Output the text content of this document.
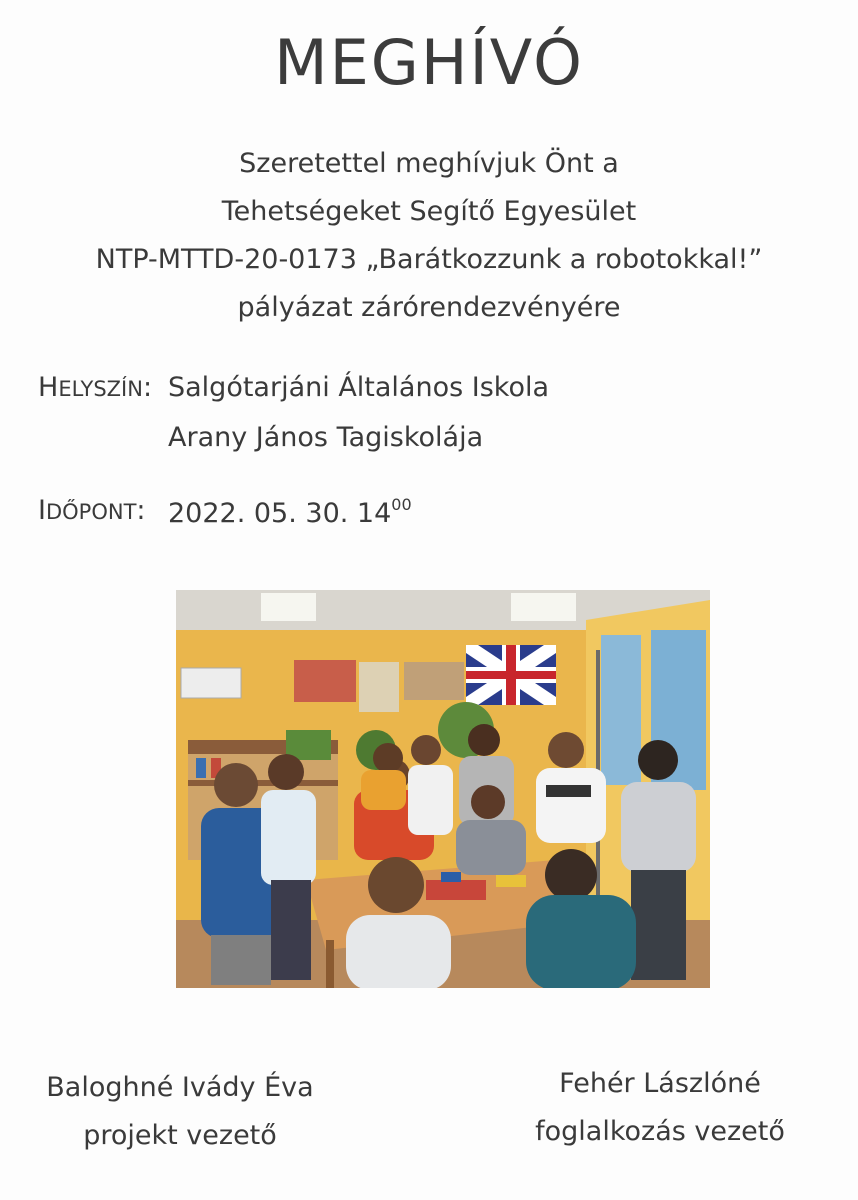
MEGHÍVÓ
Szeretettel meghívjuk Önt a
Tehetségeket Segítő Egyesület
NTP-MTTD-20-0173 „Barátkozzunk a robotokkal!”
pályázat zárórendezvényére
HELYSZÍN: Salgótarjáni Általános Iskola
Arany János Tagiskolája
IDŐPONT: 2022. 05. 30. $14^{00}$
Baloghné Ivády Éva
projekt vezető
Fehér Lászlóné
foglalkozás vezető
